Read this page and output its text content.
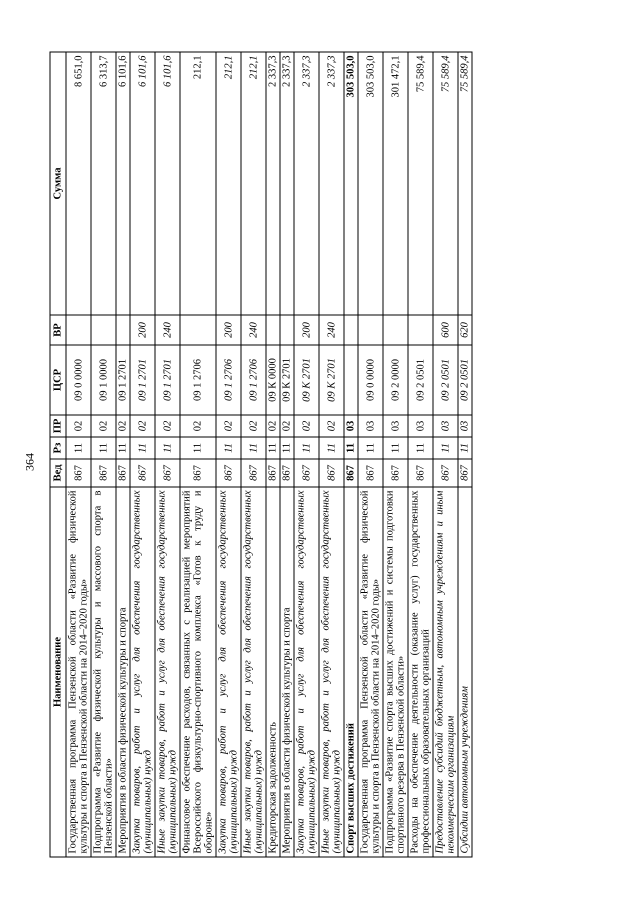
364
Наименование	Вед	Рз	ПР	ЦСР	ВР	Сумма
Государственная программа Пензенской области «Развитие физической культуры и спорта в Пензенской области на 2014–2020 годы»	867	11	02	09 0 0000		8 651,0
Подпрограмма «Развитие физической культуры и массового спорта в Пензенской области»	867	11	02	09 1 0000		6 313,7
Мероприятия в области физической культуры и спорта	867	11	02	09 1 2701		6 101,6
Закупка товаров, работ и услуг для обеспечения государственных (муниципальных) нужд	867	11	02	09 1 2701	200	6 101,6
Иные закупки товаров, работ и услуг для обеспечения государственных (муниципальных) нужд	867	11	02	09 1 2701	240	6 101,6
Финансовое обеспечение расходов, связанных с реализацией мероприятий Всероссийского физкультурно-спортивного комплекса «Готов к труду и обороне»	867	11	02	09 1 2706		212,1
Закупка товаров, работ и услуг для обеспечения государственных (муниципальных) нужд	867	11	02	09 1 2706	200	212,1
Иные закупки товаров, работ и услуг для обеспечения государственных (муниципальных) нужд	867	11	02	09 1 2706	240	212,1
Кредиторская задолженность	867	11	02	09 К 0000		2 337,3
Мероприятия в области физической культуры и спорта	867	11	02	09 К 2701		2 337,3
Закупка товаров, работ и услуг для обеспечения государственных (муниципальных) нужд	867	11	02	09 К 2701	200	2 337,3
Иные закупки товаров, работ и услуг для обеспечения государственных (муниципальных) нужд	867	11	02	09 К 2701	240	2 337,3
Спорт высших достижений	867	11	03			303 503,0
Государственная программа Пензенской области «Развитие физической культуры и спорта в Пензенской области на 2014–2020 годы»	867	11	03	09 0 0000		303 503,0
Подпрограмма «Развитие спорта высших достижений и системы подготовки спортивного резерва в Пензенской области»	867	11	03	09 2 0000		301 472,1
Расходы на обеспечение деятельности (оказание услуг) государственных профессиональных образовательных организаций	867	11	03	09 2 0501		75 589,4
Предоставление субсидий бюджетным, автономным учреждениям и иным некоммерческим организациям	867	11	03	09 2 0501	600	75 589,4
Субсидии автономным учреждениям	867	11	03	09 2 0501	620	75 589,4
